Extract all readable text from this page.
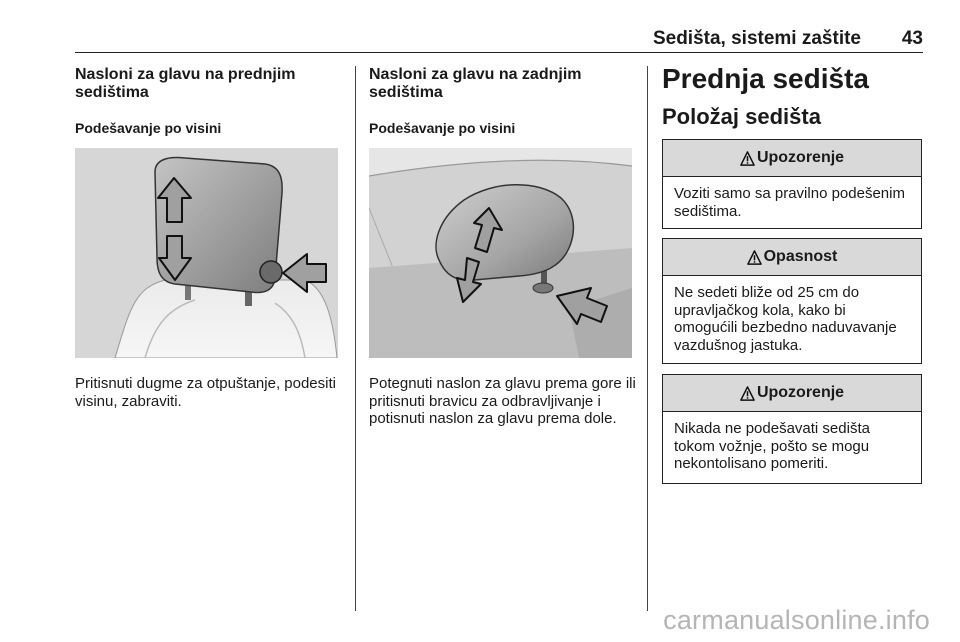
Sedišta, sistemi zaštite 43
Nasloni za glavu na prednjim sedištima

Podešavanje po visini

Pritisnuti dugme za otpuštanje, podesiti visinu, zabraviti.
Nasloni za glavu na zadnjim sedištima

Podešavanje po visini

Potegnuti naslon za glavu prema gore ili pritisnuti bravicu za odbravljivanje i potisnuti naslon za glavu prema dole.
Prednja sedišta
Položaj sedišta
Upozorenje
Voziti samo sa pravilno podešenim sedištima.
Opasnost
Ne sedeti bliže od 25 cm do upravljačkog kola, kako bi omogućili bezbedno naduvavanje vazdušnog jastuka.
Upozorenje
Nikada ne podešavati sedišta tokom vožnje, pošto se mogu nekontolisano pomeriti.
carmanualsonline.info
